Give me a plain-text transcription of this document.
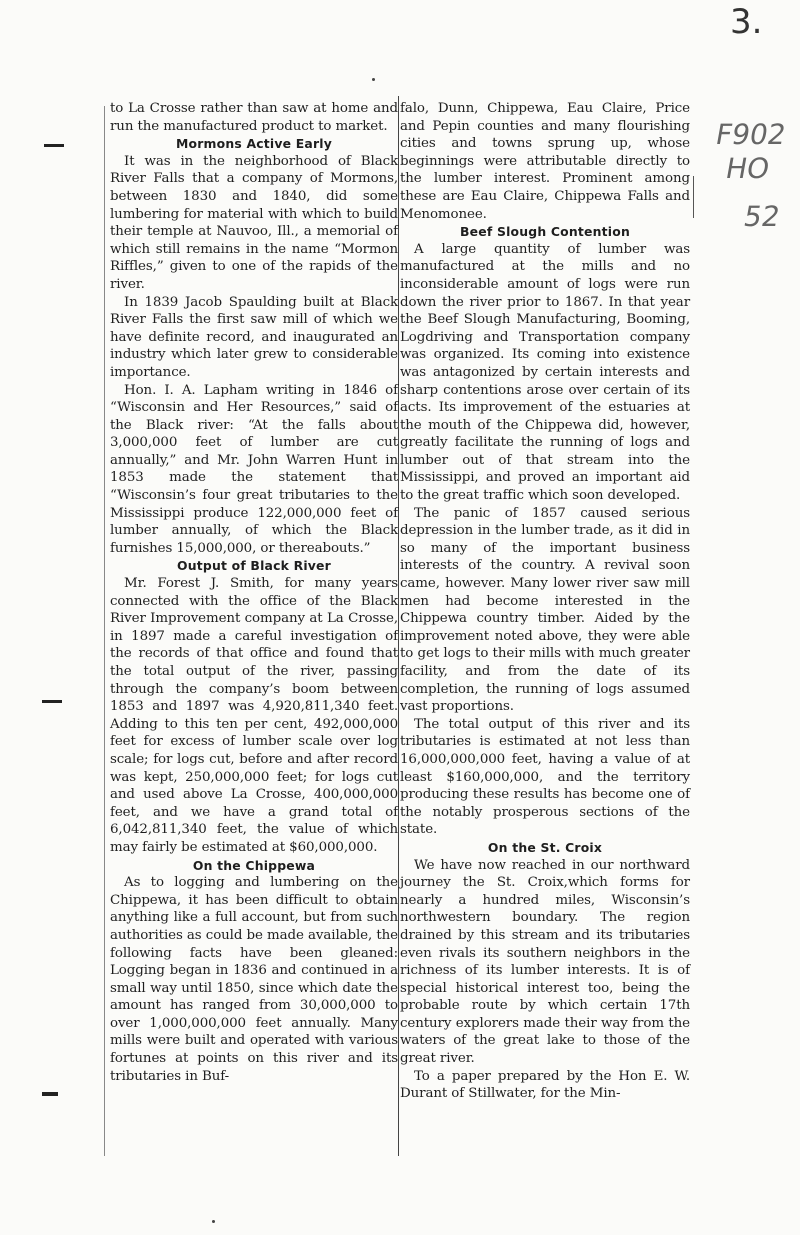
3.
F902
HO
52

to La Crosse rather than saw at home and run the manufactured product to market.

Mormons Active Early

It was in the neighborhood of Black River Falls that a company of Mormons, between 1830 and 1840, did some lumbering for material with which to build their temple at Nauvoo, Ill., a memorial of which still remains in the name “Mormon Riffles,” given to one of the rapids of the river.

In 1839 Jacob Spaulding built at Black River Falls the first saw mill of which we have definite record, and inaugurated an industry which later grew to considerable importance.

Hon. I. A. Lapham writing in 1846 of “Wisconsin and Her Resources,” said of the Black river: “At the falls about 3,000,000 feet of lumber are cut annually,” and Mr. John Warren Hunt in 1853 made the statement that “Wisconsin’s four great tributaries to the Mississippi produce 122,000,000 feet of lumber annually, of which the Black furnishes 15,000,000, or thereabouts.”

Output of Black River

Mr. Forest J. Smith, for many years connected with the office of the Black River Improvement company at La Crosse, in 1897 made a careful investigation of the records of that office and found that the total output of the river, passing through the company’s boom between 1853 and 1897 was 4,920,811,340 feet. Adding to this ten per cent, 492,000,000 feet for excess of lumber scale over log scale; for logs cut, before and after record was kept, 250,000,000 feet; for logs cut and used above La Crosse, 400,000,000 feet, and we have a grand total of 6,042,811,340 feet, the value of which may fairly be estimated at $60,000,000.

On the Chippewa

As to logging and lumbering on the Chippewa, it has been difficult to obtain anything like a full account, but from such authorities as could be made available, the following facts have been gleaned: Logging began in 1836 and continued in a small way until 1850, since which date the amount has ranged from 30,000,000 to over 1,000,000,000 feet annually. Many mills were built and operated with various fortunes at points on this river and its tributaries in Buf-

falo, Dunn, Chippewa, Eau Claire, Price and Pepin counties and many flourishing cities and towns sprung up, whose beginnings were attributable directly to the lumber interest. Prominent among these are Eau Claire, Chippewa Falls and Menomonee.

Beef Slough Contention

A large quantity of lumber was manufactured at the mills and no inconsiderable amount of logs were run down the river prior to 1867. In that year the Beef Slough Manufacturing, Booming, Logdriving and Transportation company was organized. Its coming into existence was antagonized by certain interests and sharp contentions arose over certain of its acts. Its improvement of the estuaries at the mouth of the Chippewa did, however, greatly facilitate the running of logs and lumber out of that stream into the Mississippi, and proved an important aid to the great traffic which soon developed.

The panic of 1857 caused serious depression in the lumber trade, as it did in so many of the important business interests of the country. A revival soon came, however. Many lower river saw mill men had become interested in the Chippewa country timber. Aided by the improvement noted above, they were able to get logs to their mills with much greater facility, and from the date of its completion, the running of logs assumed vast proportions.

The total output of this river and its tributaries is estimated at not less than 16,000,000,000 feet, having a value of at least $160,000,000, and the territory producing these results has become one of the notably prosperous sections of the state.

On the St. Croix

We have now reached in our northward journey the St. Croix,which forms for nearly a hundred miles, Wisconsin’s northwestern boundary. The region drained by this stream and its tributaries even rivals its southern neighbors in the richness of its lumber interests. It is of special historical interest too, being the probable route by which certain 17th century explorers made their way from the waters of the great lake to those of the great river.

To a paper prepared by the Hon E. W. Durant of Stillwater, for the Min-
